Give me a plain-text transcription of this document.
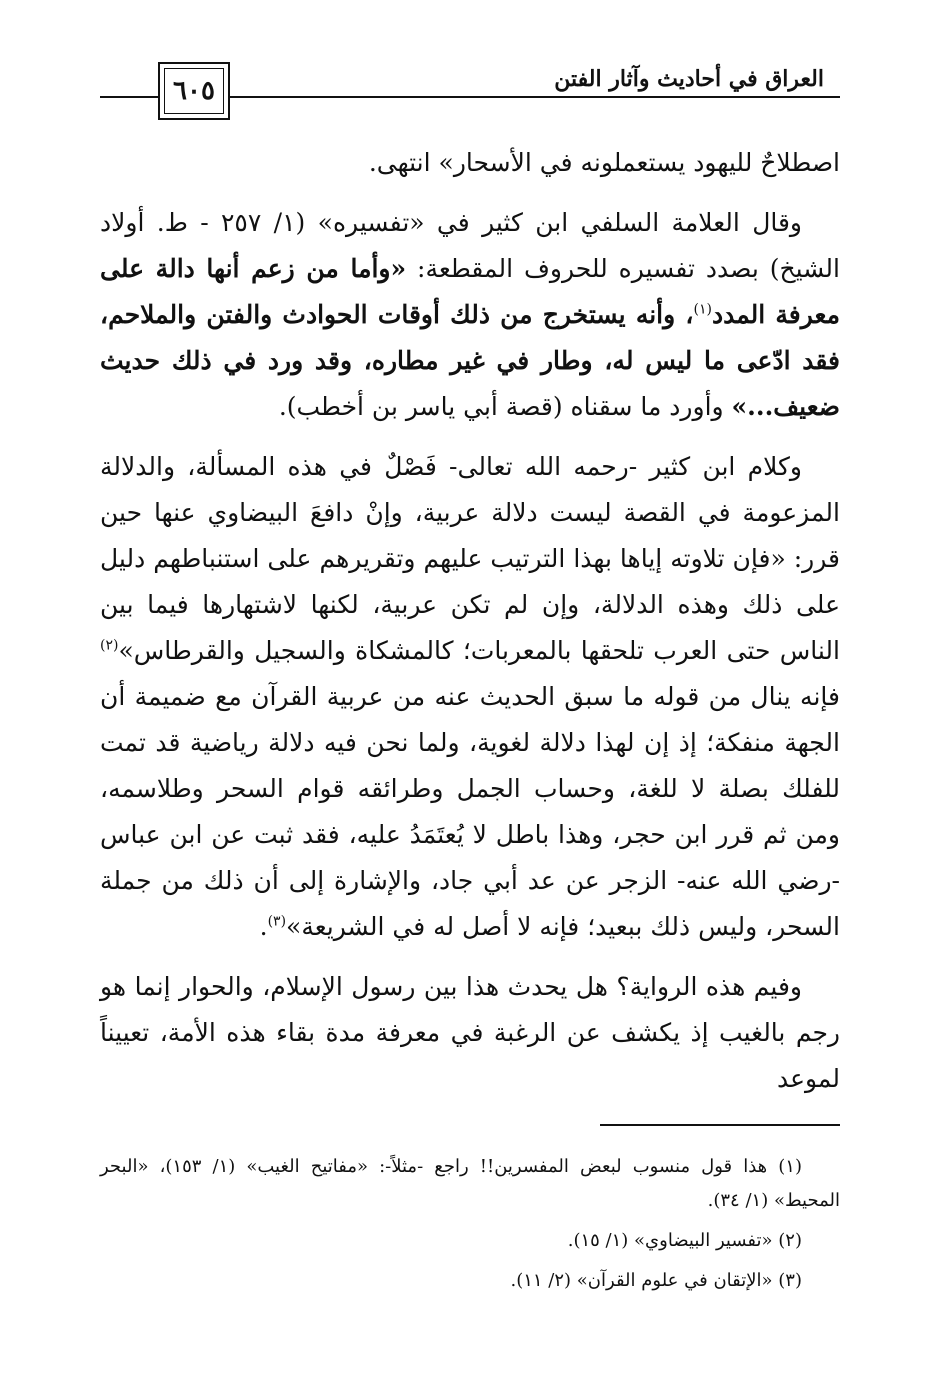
٦٠٥	العراق في أحاديث وآثار الفتن

اصطلاحٌ لليهود يستعملونه في الأسحار» انتهى.

وقال العلامة السلفي ابن كثير في «تفسيره» (١/ ٢٥٧ - ط. أولاد الشيخ) بصدد تفسيره للحروف المقطعة: «وأما من زعم أنها دالة على معرفة المدد$^{(١)}$، وأنه يستخرج من ذلك أوقات الحوادث والفتن والملاحم، فقد ادّعى ما ليس له، وطار في غير مطاره، وقد ورد في ذلك حديث ضعيف...» وأورد ما سقناه (قصة أبي ياسر بن أخطب).

وكلام ابن كثير -رحمه الله تعالى- فَصْلٌ في هذه المسألة، والدلالة المزعومة في القصة ليست دلالة عربية، وإنْ دافعَ البيضاوي عنها حين قرر: «فإن تلاوته إياها بهذا الترتيب عليهم وتقريرهم على استنباطهم دليل على ذلك وهذه الدلالة، وإن لم تكن عربية، لكنها لاشتهارها فيما بين الناس حتى العرب تلحقها بالمعربات؛ كالمشكاة والسجيل والقرطاس»$^{(٢)}$ فإنه ينال من قوله ما سبق الحديث عنه من عربية القرآن مع ضميمة أن الجهة منفكة؛ إذ إن لهذا دلالة لغوية، ولما نحن فيه دلالة رياضية قد تمت للفلك بصلة لا للغة، وحساب الجمل وطرائقه قوام السحر وطلاسمه، ومن ثم قرر ابن حجر، وهذا باطل لا يُعتَمَدُ عليه، فقد ثبت عن ابن عباس -رضي الله عنه- الزجر عن عد أبي جاد، والإشارة إلى أن ذلك من جملة السحر، وليس ذلك ببعيد؛ فإنه لا أصل له في الشريعة»$^{(٣)}$.

وفيم هذه الرواية؟ هل يحدث هذا بين رسول الإسلام، والحوار إنما هو رجم بالغيب إذ يكشف عن الرغبة في معرفة مدة بقاء هذه الأمة، تعييناً لموعد

(١) هذا قول منسوب لبعض المفسرين!! راجع -مثلاً-: «مفاتيح الغيب» (١/ ١٥٣)، «البحر المحيط» (١/ ٣٤).

(٢) «تفسير البيضاوي» (١/ ١٥).

(٣) «الإتقان في علوم القرآن» (٢/ ١١).
